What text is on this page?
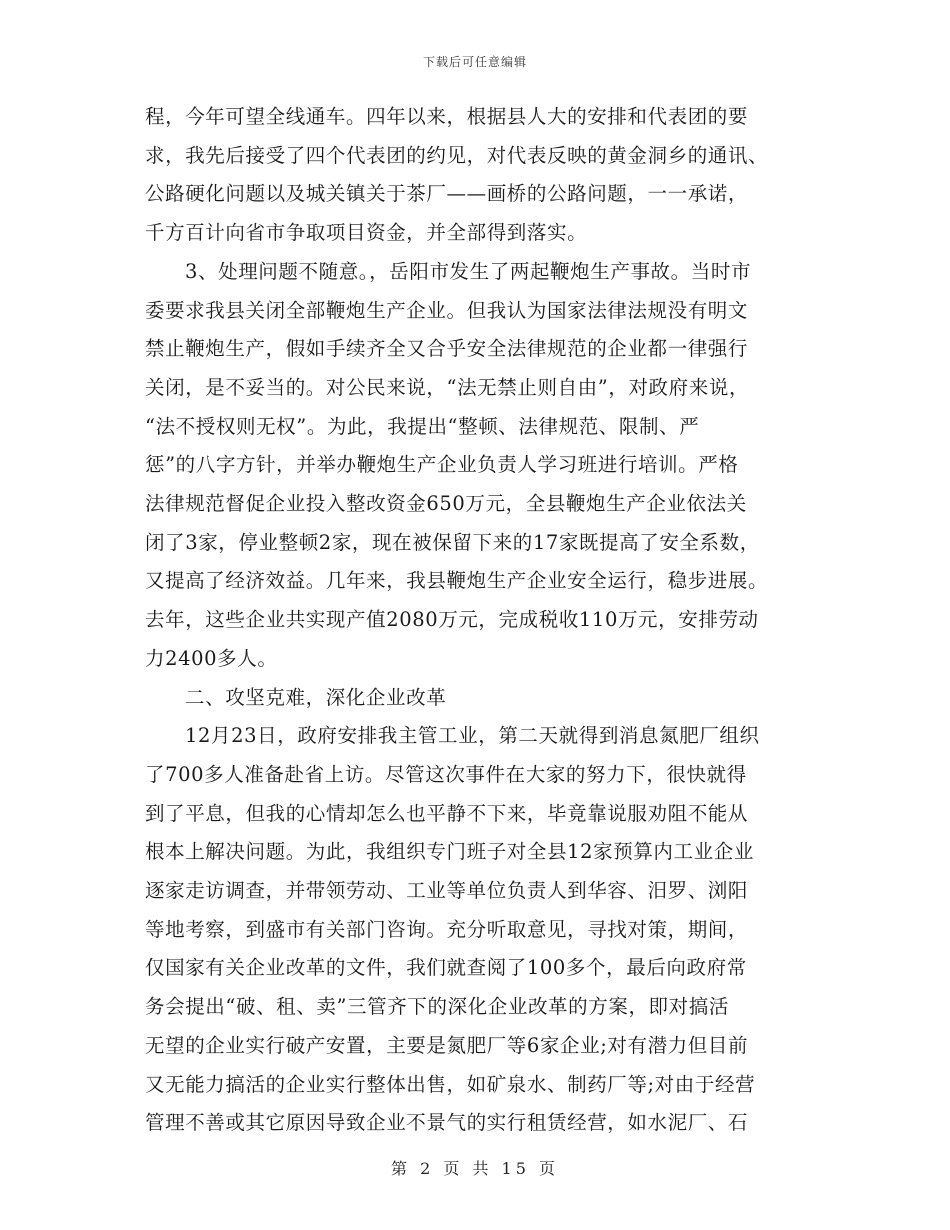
下载后可任意编辑
程，今年可望全线通车。四年以来，根据县人大的安排和代表团的要
求，我先后接受了四个代表团的约见，对代表反映的黄金洞乡的通讯、
公路硬化问题以及城关镇关于茶厂——画桥的公路问题，一一承诺，
千方百计向省市争取项目资金，并全部得到落实。
3、处理问题不随意。，岳阳市发生了两起鞭炮生产事故。当时市
委要求我县关闭全部鞭炮生产企业。但我认为国家法律法规没有明文
禁止鞭炮生产，假如手续齐全又合乎安全法律规范的企业都一律强行
关闭，是不妥当的。对公民来说，“法无禁止则自由”，对政府来说，
“法不授权则无权”。为此，我提出“整顿、法律规范、限制、严
惩”的八字方针，并举办鞭炮生产企业负责人学习班进行培训。严格
法律规范督促企业投入整改资金650万元，全县鞭炮生产企业依法关
闭了3家，停业整顿2家，现在被保留下来的17家既提高了安全系数，
又提高了经济效益。几年来，我县鞭炮生产企业安全运行，稳步进展。
去年，这些企业共实现产值2080万元，完成税收110万元，安排劳动
力2400多人。
二、攻坚克难，深化企业改革
12月23日，政府安排我主管工业，第二天就得到消息氮肥厂组织
了700多人准备赴省上访。尽管这次事件在大家的努力下，很快就得
到了平息，但我的心情却怎么也平静不下来，毕竟靠说服劝阻不能从
根本上解决问题。为此，我组织专门班子对全县12家预算内工业企业
逐家走访调查，并带领劳动、工业等单位负责人到华容、汨罗、浏阳
等地考察，到盛市有关部门咨询。充分听取意见，寻找对策，期间，
仅国家有关企业改革的文件，我们就查阅了100多个，最后向政府常
务会提出“破、租、卖”三管齐下的深化企业改革的方案，即对搞活
无望的企业实行破产安置，主要是氮肥厂等6家企业;对有潜力但目前
又无能力搞活的企业实行整体出售，如矿泉水、制药厂等;对由于经营
管理不善或其它原因导致企业不景气的实行租赁经营，如水泥厂、石
第 2 页 共 15 页
